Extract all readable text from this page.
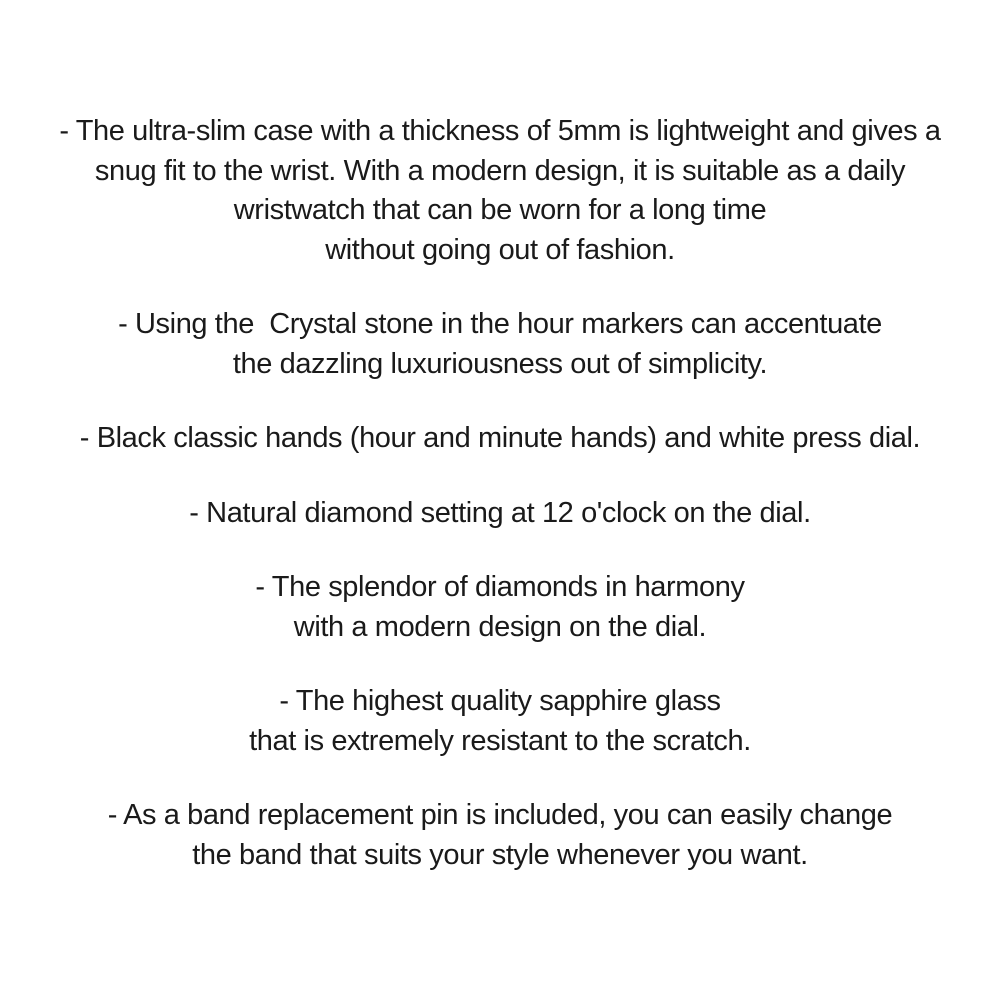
- The ultra-slim case with a thickness of 5mm is lightweight and gives a
snug fit to the wrist. With a modern design, it is suitable as a daily
wristwatch that can be worn for a long time
without going out of fashion.
- Using the  Crystal stone in the hour markers can accentuate
the dazzling luxuriousness out of simplicity.
- Black classic hands (hour and minute hands) and white press dial.
- Natural diamond setting at 12 o'clock on the dial.
- The splendor of diamonds in harmony
with a modern design on the dial.
- The highest quality sapphire glass
that is extremely resistant to the scratch.
- As a band replacement pin is included, you can easily change
the band that suits your style whenever you want.
